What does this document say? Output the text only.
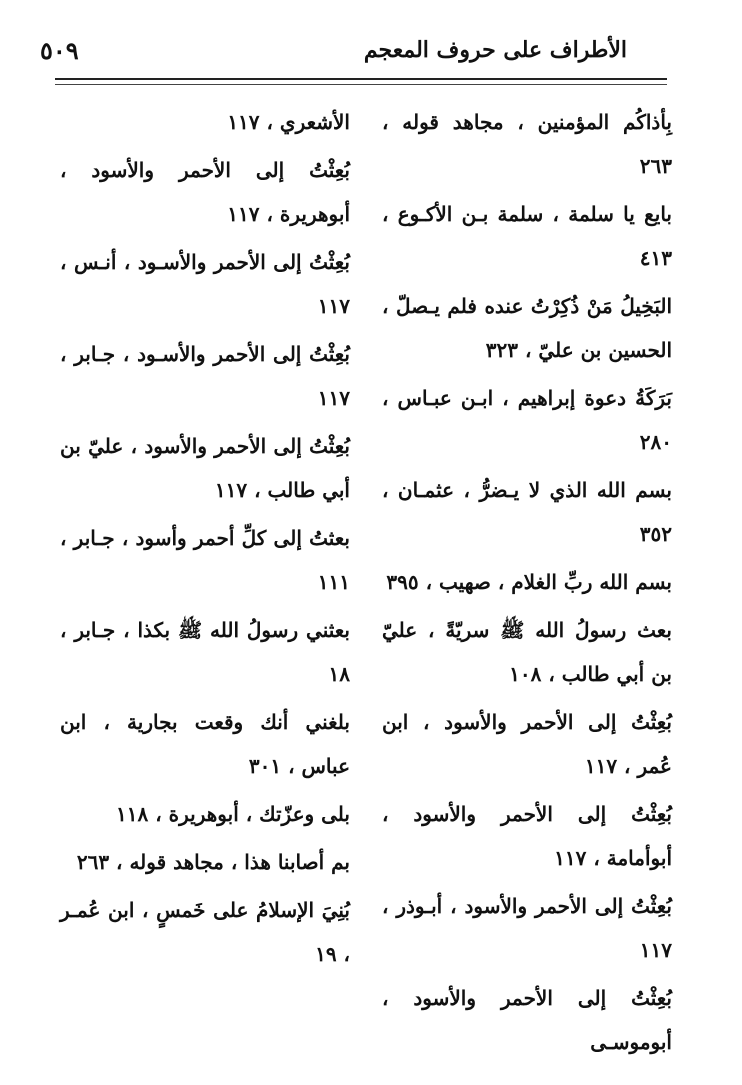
الأطراف على حروف المعجم
٥٠٩

بِأذاكُم المؤمنين ، مجاهد قوله ، ٢٦٣

بايع يا سلمة ، سلمة بـن الأكـوع ، ٤١٣

البَخِيلُ مَنْ ذُكِرْتُ عنده فلم يـصلّ ، الحسين بن عليّ ، ٣٢٣

بَرَكَةُ دعوة إبراهيم ، ابـن عبـاس ، ٢٨٠

بسم الله الذي لا يـضرُّ ، عثمـان ، ٣٥٢

بسم الله ربِّ الغلام ، صهيب ، ٣٩٥

بعث رسولُ الله ﷺ سريّةً ، عليّ بن أبي طالب ، ١٠٨

بُعِثْتُ إلى الأحمر والأسود ، ابن عُمر ، ١١٧

بُعِثْتُ إلى الأحمر والأسود ، أبوأمامة ، ١١٧

بُعِثْتُ إلى الأحمر والأسود ، أبـوذر ، ١١٧

بُعِثْتُ إلى الأحمر والأسود ، أبوموسـى

الأشعري ، ١١٧

بُعِثْتُ إلى الأحمر والأسود ، أبوهريرة ، ١١٧

بُعِثْتُ إلى الأحمر والأسـود ، أنـس ، ١١٧

بُعِثْتُ إلى الأحمر والأسـود ، جـابر ، ١١٧

بُعِثْتُ إلى الأحمر والأسود ، عليّ بن أبي طالب ، ١١٧

بعثتُ إلى كلِّ أحمر وأسود ، جـابر ، ١١١

بعثني رسولُ الله ﷺ بكذا ، جـابر ، ١٨

بلغني أنك وقعت بجارية ، ابن عباس ، ٣٠١

بلى وعزّتك ، أبوهريرة ، ١١٨

بم أصابنا هذا ، مجاهد قوله ، ٢٦٣

بُنِيَ الإسلامُ على خَمسٍ ، ابن عُمـر ، ١٩
